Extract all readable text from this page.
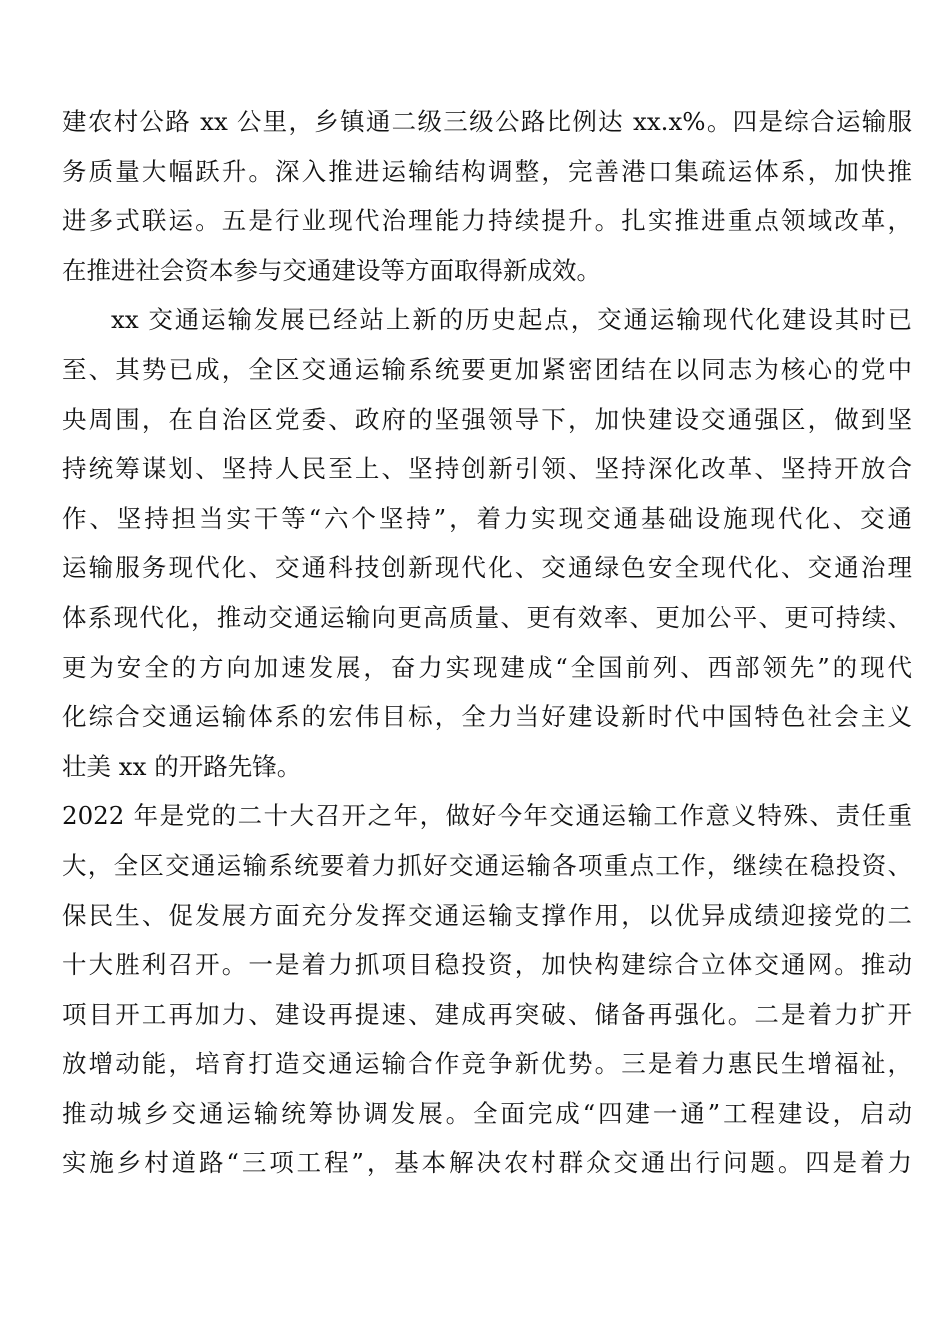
建农村公路 xx 公里，乡镇通二级三级公路比例达 xx.x%。四是综合运输服
务质量大幅跃升。深入推进运输结构调整，完善港口集疏运体系，加快推
进多式联运。五是行业现代治理能力持续提升。扎实推进重点领域改革，
在推进社会资本参与交通建设等方面取得新成效。
xx 交通运输发展已经站上新的历史起点，交通运输现代化建设其时已
至、其势已成，全区交通运输系统要更加紧密团结在以同志为核心的党中
央周围，在自治区党委、政府的坚强领导下，加快建设交通强区，做到坚
持统筹谋划、坚持人民至上、坚持创新引领、坚持深化改革、坚持开放合
作、坚持担当实干等“六个坚持”，着力实现交通基础设施现代化、交通
运输服务现代化、交通科技创新现代化、交通绿色安全现代化、交通治理
体系现代化，推动交通运输向更高质量、更有效率、更加公平、更可持续、
更为安全的方向加速发展，奋力实现建成“全国前列、西部领先”的现代
化综合交通运输体系的宏伟目标，全力当好建设新时代中国特色社会主义
壮美 xx 的开路先锋。
2022 年是党的二十大召开之年，做好今年交通运输工作意义特殊、责任重
大，全区交通运输系统要着力抓好交通运输各项重点工作，继续在稳投资、
保民生、促发展方面充分发挥交通运输支撑作用，以优异成绩迎接党的二
十大胜利召开。一是着力抓项目稳投资，加快构建综合立体交通网。推动
项目开工再加力、建设再提速、建成再突破、储备再强化。二是着力扩开
放增动能，培育打造交通运输合作竞争新优势。三是着力惠民生增福祉，
推动城乡交通运输统筹协调发展。全面完成“四建一通”工程建设，启动
实施乡村道路“三项工程”，基本解决农村群众交通出行问题。四是着力
